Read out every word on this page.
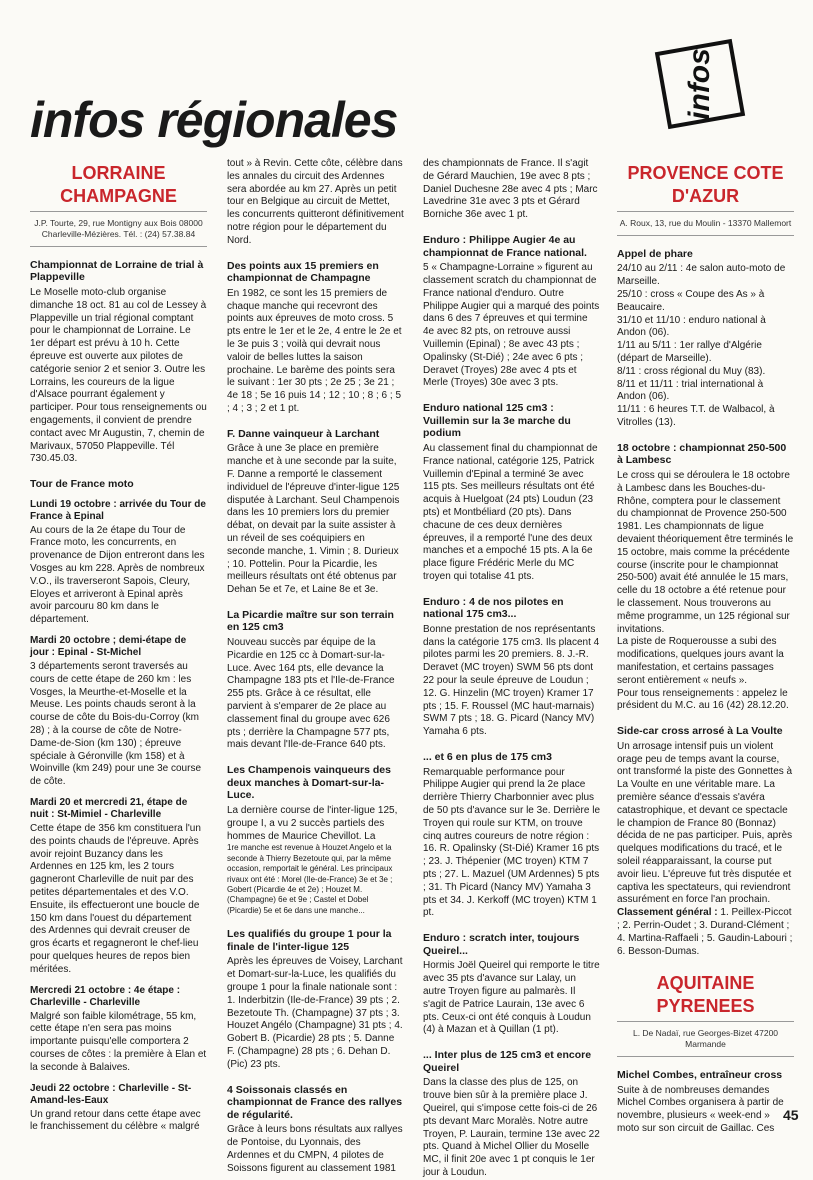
infos régionales
infos
LORRAINE CHAMPAGNE
J.P. Tourte, 29, rue Montigny aux Bois 08000 Charleville-Mézières. Tél. : (24) 57.38.84
Championnat de Lorraine de trial à Plappeville

Le Moselle moto-club organise dimanche 18 oct. 81 au col de Lessey à Plappeville un trial régional comptant pour le championnat de Lorraine. Le 1er départ est prévu à 10 h. Cette épreuve est ouverte aux pilotes de catégorie senior 2 et senior 3. Outre les Lorrains, les coureurs de la ligue d'Alsace pourrant également y participer. Pour tous renseignements ou engagements, il convient de prendre contact avec Mr Augustin, 7, chemin de Marivaux, 57050 Plappeville. Tél 730.45.03.

Tour de France moto
Lundi 19 octobre : arrivée du Tour de France à Epinal

Au cours de la 2e étape du Tour de France moto, les concurrents, en provenance de Dijon entreront dans les Vosges au km 228. Après de nombreux V.O., ils traverseront Sapois, Cleury, Eloyes et arriveront à Epinal après avoir parcouru 80 km dans le département.

Mardi 20 octobre ; demi-étape de jour : Epinal - St-Michel

3 départements seront traversés au cours de cette étape de 260 km : les Vosges, la Meurthe-et-Moselle et la Meuse. Les points chauds seront à la course de côte du Bois-du-Corroy (km 28) ; à la course de côte de Notre-Dame-de-Sion (km 130) ; épreuve spéciale à Géronville (km 158) et à Woinville (km 249) pour une 3e course de côte.

Mardi 20 et mercredi 21, étape de nuit : St-Mimiel - Charleville

Cette étape de 356 km constituera l'un des points chauds de l'épreuve. Après avoir rejoint Buzancy dans les Ardennes en 125 km, les 2 tours gagneront Charleville de nuit par des petites départementales et des V.O. Ensuite, ils effectueront une boucle de 150 km dans l'ouest du département des Ardennes qui devrait creuser de gros écarts et regagneront le chef-lieu pour quelques heures de repos bien méritées.

Mercredi 21 octobre : 4e étape : Charleville - Charleville

Malgré son faible kilométrage, 55 km, cette étape n'en sera pas moins importante puisqu'elle comportera 2 courses de côtes : la première à Elan et la seconde à Balaives.

Jeudi 22 octobre : Charleville - St-Amand-les-Eaux

Un grand retour dans cette étape avec le franchissement du célèbre « malgré

tout » à Revin. Cette côte, célèbre dans les annales du circuit des Ardennes sera abordée au km 27. Après un petit tour en Belgique au circuit de Mettet, les concurrents quitteront définitivement notre région pour le département du Nord.

Des points aux 15 premiers en championnat de Champagne

En 1982, ce sont les 15 premiers de chaque manche qui recevront des points aux épreuves de moto cross. 5 pts entre le 1er et le 2e, 4 entre le 2e et le 3e puis 3 ; voilà qui devrait nous valoir de belles luttes la saison prochaine. Le barème des points sera le suivant : 1er 30 pts ; 2e 25 ; 3e 21 ; 4e 18 ; 5e 16 puis 14 ; 12 ; 10 ; 8 ; 6 ; 5 ; 4 ; 3 ; 2 et 1 pt.

F. Danne vainqueur à Larchant

Grâce à une 3e place en première manche et à une seconde par la suite, F. Danne a remporté le classement individuel de l'épreuve d'inter-ligue 125 disputée à Larchant. Seul Champenois dans les 10 premiers lors du premier débat, on devait par la suite assister à un réveil de ses coéquipiers en seconde manche, 1. Vimin ; 8. Durieux ; 10. Pottelin. Pour la Picardie, les meilleurs résultats ont été obtenus par Dehan 5e et 7e, et Laine 8e et 3e.

La Picardie maître sur son terrain en 125 cm3

Nouveau succès par équipe de la Picardie en 125 cc à Domart-sur-la-Luce. Avec 164 pts, elle devance la Champagne 183 pts et l'Ile-de-France 255 pts. Grâce à ce résultat, elle parvient à s'emparer de 2e place au classement final du groupe avec 626 pts ; derrière la Champagne 577 pts, mais devant l'Ile-de-France 640 pts.

Les Champenois vainqueurs des deux manches à Domart-sur-la-Luce.

La dernière course de l'inter-ligue 125, groupe I, a vu 2 succès partiels des hommes de Maurice Chevillot. La

1re manche est revenue à Houzet Angelo et la seconde à Thierry Bezetoute qui, par la même occasion, remportait le général. Les principaux rivaux ont été : Morel (Ile-de-France) 3e et 3e ; Gobert (Picardie 4e et 2e) ; Houzet M. (Champagne) 6e et 9e ; Castel et Dobel (Picardie) 5e et 6e dans une manche...

Les qualifiés du groupe 1 pour la finale de l'inter-ligue 125

Après les épreuves de Voisey, Larchant et Domart-sur-la-Luce, les qualifiés du groupe 1 pour la finale nationale sont : 1. Inderbitzin (Ile-de-France) 39 pts ; 2. Bezetoute Th. (Champagne) 37 pts ; 3. Houzet Angélo (Champagne) 31 pts ; 4. Gobert B. (Picardie) 28 pts ; 5. Danne F. (Champagne) 28 pts ; 6. Dehan D. (Pic) 23 pts.

4 Soissonais classés en championnat de France des rallyes de régularité.

Grâce à leurs bons résultats aux rallyes de Pontoise, du Lyonnais, des Ardennes et du CMPN, 4 pilotes de Soissons figurent au classement 1981

des championnats de France. Il s'agit de Gérard Mauchien, 19e avec 8 pts ; Daniel Duchesne 28e avec 4 pts ; Marc Lavedrine 31e avec 3 pts et Gérard Borniche 36e avec 1 pt.

Enduro : Philippe Augier 4e au championnat de France national.

5 « Champagne-Lorraine » figurent au classement scratch du championnat de France national d'enduro. Outre Philippe Augier qui a marqué des points dans 6 des 7 épreuves et qui termine 4e avec 82 pts, on retrouve aussi Vuillemin (Epinal) ; 8e avec 43 pts ; Opalinsky (St-Dié) ; 24e avec 6 pts ; Deravet (Troyes) 28e avec 4 pts et Merle (Troyes) 30e avec 3 pts.

Enduro national 125 cm3 : Vuillemin sur la 3e marche du podium

Au classement final du championnat de France national, catégorie 125, Patrick Vuillemin d'Epinal a terminé 3e avec 115 pts. Ses meilleurs résultats ont été acquis à Huelgoat (24 pts) Loudun (23 pts) et Montbéliard (20 pts). Dans chacune de ces deux dernières épreuves, il a remporté l'une des deux manches et a empoché 15 pts. A la 6e place figure Frédéric Merle du MC troyen qui totalise 41 pts.

Enduro : 4 de nos pilotes en national 175 cm3...

Bonne prestation de nos représentants dans la catégorie 175 cm3. Ils placent 4 pilotes parmi les 20 premiers. 8. J.-R. Deravet (MC troyen) SWM 56 pts dont 22 pour la seule épreuve de Loudun ; 12. G. Hinzelin (MC troyen) Kramer 17 pts ; 15. F. Roussel (MC haut-marnais) SWM 7 pts ; 18. G. Picard (Nancy MV) Yamaha 6 pts.

... et 6 en plus de 175 cm3

Remarquable performance pour Philippe Augier qui prend la 2e place derrière Thierry Charbonnier avec plus de 50 pts d'avance sur le 3e. Derrière le Troyen qui roule sur KTM, on trouve cinq autres coureurs de notre région : 16. R. Opalinsky (St-Dié) Kramer 16 pts ; 23. J. Thépenier (MC troyen) KTM 7 pts ; 27. L. Mazuel (UM Ardennes) 5 pts ; 31. Th Picard (Nancy MV) Yamaha 3 pts et 34. J. Kerkoff (MC troyen) KTM 1 pt.

Enduro : scratch inter, toujours Queirel...

Hormis Joël Queirel qui remporte le titre avec 35 pts d'avance sur Lalay, un autre Troyen figure au palmarès. Il s'agit de Patrice Laurain, 13e avec 6 pts. Ceux-ci ont été conquis à Loudun (4) à Mazan et à Quillan (1 pt).

... Inter plus de 125 cm3 et encore Queirel

Dans la classe des plus de 125, on trouve bien sûr à la première place J. Queirel, qui s'impose cette fois-ci de 26 pts devant Marc Moralès. Notre autre Troyen, P. Laurain, termine 13e avec 22 pts. Quand à Michel Ollier du Moselle MC, il finit 20e avec 1 pt conquis le 1er jour à Loudun.

PROVENCE COTE D'AZUR
A. Roux, 13, rue du Moulin - 13370 Mallemort
Appel de phare

24/10 au 2/11 : 4e salon auto-moto de Marseille.

25/10 : cross « Coupe des As » à Beaucaire.

31/10 et 11/10 : enduro national à Andon (06).

1/11 au 5/11 : 1er rallye d'Algérie (départ de Marseille).

8/11 : cross régional du Muy (83).

8/11 et 11/11 : trial international à Andon (06).

11/11 : 6 heures T.T. de Walbacol, à Vitrolles (13).

18 octobre : championnat 250-500 à Lambesc

Le cross qui se déroulera le 18 octobre à Lambesc dans les Bouches-du-Rhône, comptera pour le classement du championnat de Provence 250-500 1981. Les championnats de ligue devaient théoriquement être terminés le 15 octobre, mais comme la précédente course (inscrite pour le championnat 250-500) avait été annulée le 15 mars, celle du 18 octobre a été retenue pour le classement. Nous trouverons au même programme, un 125 régional sur invitations.

La piste de Roquerousse a subi des modifications, quelques jours avant la manifestation, et certains passages seront entièrement « neufs ».

Pour tous renseignements : appelez le président du M.C. au 16 (42) 28.12.20.

Side-car cross arrosé à La Voulte

Un arrosage intensif puis un violent orage peu de temps avant la course, ont transformé la piste des Gonnettes à La Voulte en une véritable mare. La première séance d'essais s'avéra catastrophique, et devant ce spectacle le champion de France 80 (Bonnaz) décida de ne pas participer. Puis, après quelques modifications du tracé, et le soleil réapparaissant, la course put avoir lieu. L'épreuve fut très disputée et captiva les spectateurs, qui reviendront assurément en force l'an prochain.

Classement général : 1. Peillex-Piccot ; 2. Perrin-Oudet ; 3. Durand-Clément ; 4. Martina-Raffaeli ; 5. Gaudin-Labouri ; 6. Besson-Dumas.

AQUITAINE PYRENEES
L. De Nadaï, rue Georges-Bizet 47200 Marmande
Michel Combes, entraîneur cross

Suite à de nombreuses demandes Michel Combes organisera à partir de novembre, plusieurs « week-end » moto sur son circuit de Gaillac. Ces

45
